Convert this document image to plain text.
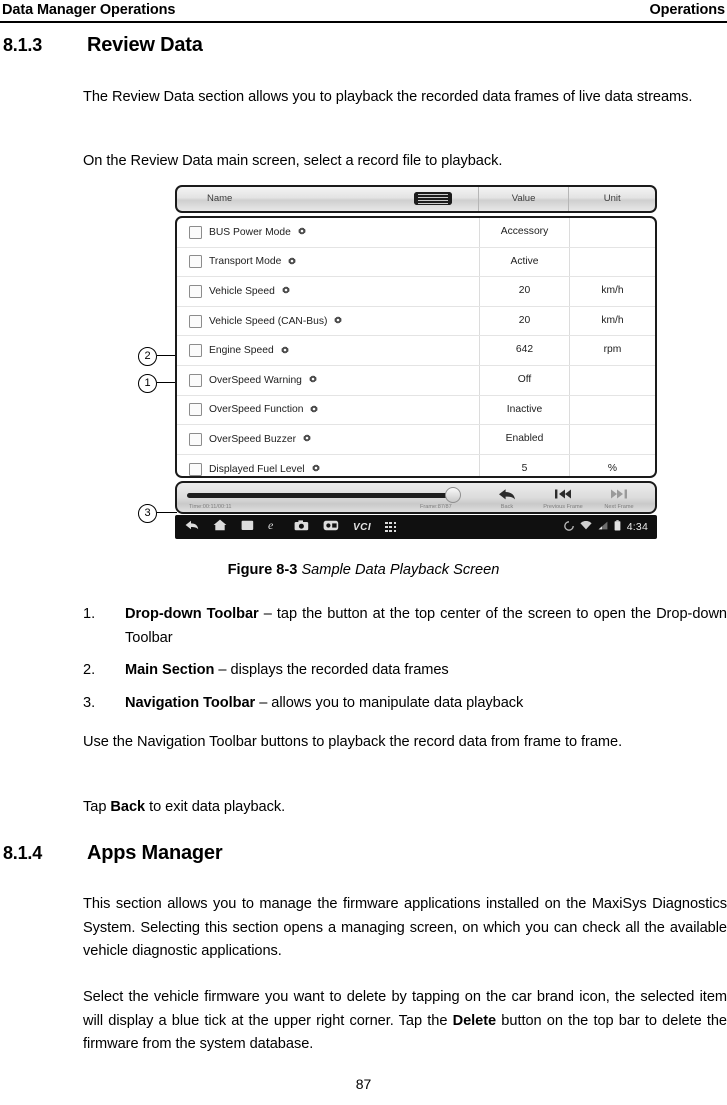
Data Manager Operations	Operations
8.1.3	Review Data
The Review Data section allows you to playback the recorded data frames of live data streams.
On the Review Data main screen, select a record file to playback.
1
2
3
Name	Value	Unit
BUS Power Mode	Accessory
Transport Mode	Active
Vehicle Speed	20	km/h
Vehicle Speed (CAN-Bus)	20	km/h
Engine Speed	642	rpm
OverSpeed Warning	Off
OverSpeed Function	Inactive
OverSpeed Buzzer	Enabled
Displayed Fuel Level	5	%
Time:00:11/00:11	Frame:87/87	Back	Previous Frame	Next Frame
e	VCI	4:34
Figure 8-3 Sample Data Playback Screen
1.	Drop-down Toolbar – tap the button at the top center of the screen to open the Drop-down Toolbar
2.	Main Section – displays the recorded data frames
3.	Navigation Toolbar – allows you to manipulate data playback
Use the Navigation Toolbar buttons to playback the record data from frame to frame.
Tap Back to exit data playback.
8.1.4	Apps Manager
This section allows you to manage the firmware applications installed on the MaxiSys Diagnostics System. Selecting this section opens a managing screen, on which you can check all the available vehicle diagnostic applications.
Select the vehicle firmware you want to delete by tapping on the car brand icon, the selected item will display a blue tick at the upper right corner. Tap the Delete button on the top bar to delete the firmware from the system database.
87
